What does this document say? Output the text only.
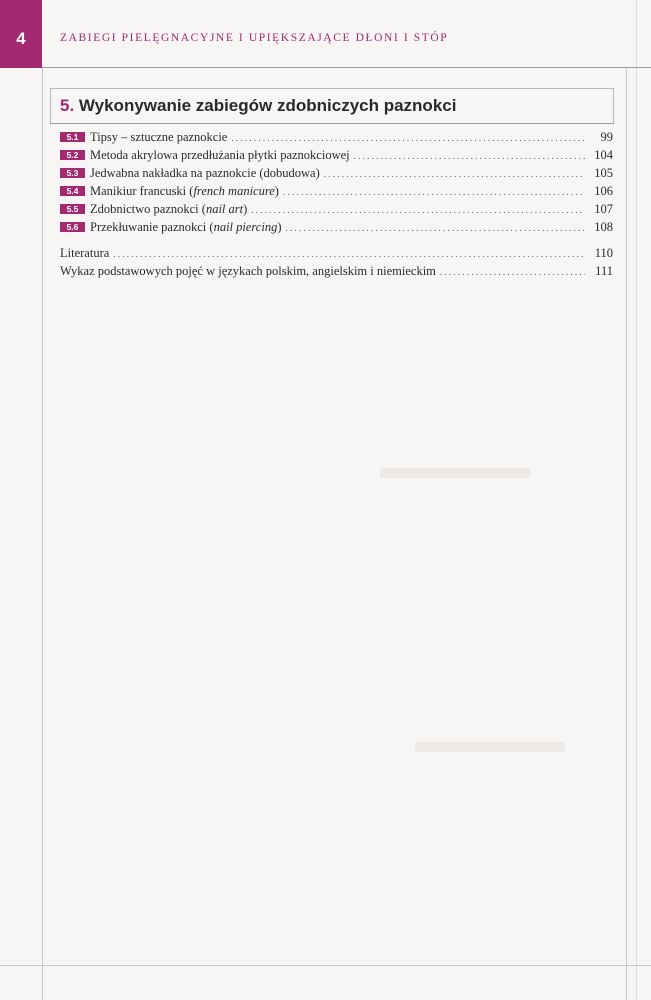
4	ZABIEGI PIELĘGNACYJNE I UPIĘKSZAJĄCE DŁONI I STÓP
5. Wykonywanie zabiegów zdobniczych paznokci
5.1 Tipsy – sztuczne paznokcie . . .	99
5.2 Metoda akrylowa przedłużania płytki paznokciowej . . .	104
5.3 Jedwabna nakładka na paznokcie (dobudowa) . . .	105
5.4 Manikiur francuski (french manicure) . . .	106
5.5 Zdobnictwo paznokci (nail art) . . .	107
5.6 Przekłuwanie paznokci (nail piercing) . . .	108
Literatura . . .	110
Wykaz podstawowych pojęć w językach polskim, angielskim i niemieckim . . .	111
